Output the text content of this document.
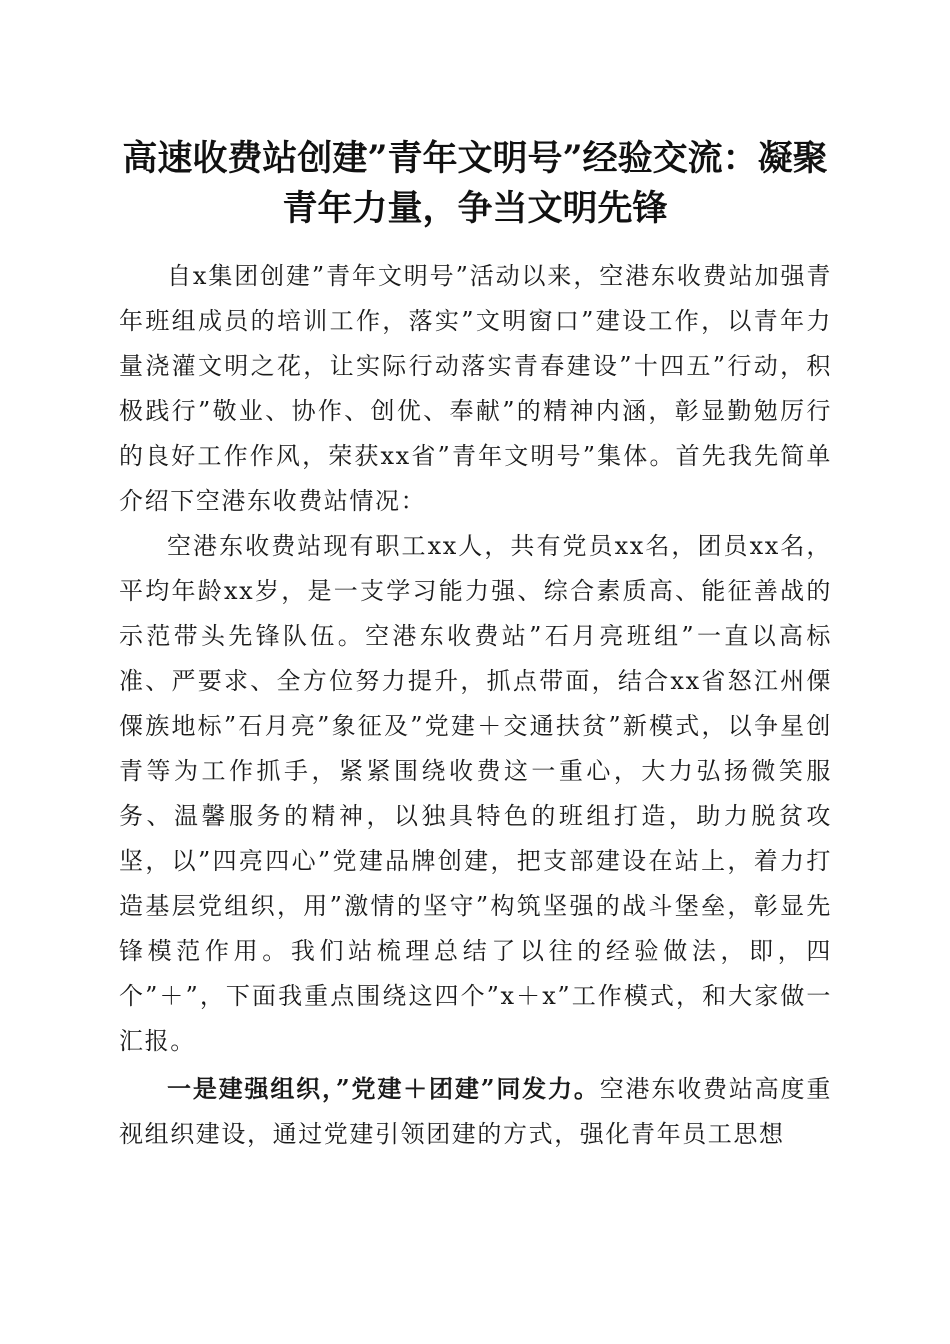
高速收费站创建”青年文明号”经验交流：凝聚青年力量，争当文明先锋

自x集团创建”青年文明号”活动以来，空港东收费站加强青年班组成员的培训工作，落实”文明窗口”建设工作，以青年力量浇灌文明之花，让实际行动落实青春建设”十四五”行动，积极践行”敬业、协作、创优、奉献”的精神内涵，彰显勤勉厉行的良好工作作风，荣获xx省”青年文明号”集体。首先我先简单介绍下空港东收费站情况：

空港东收费站现有职工xx人，共有党员xx名，团员xx名，平均年龄xx岁，是一支学习能力强、综合素质高、能征善战的示范带头先锋队伍。空港东收费站”石月亮班组”一直以高标准、严要求、全方位努力提升，抓点带面，结合xx省怒江州傈僳族地标”石月亮”象征及”党建＋交通扶贫”新模式，以争星创青等为工作抓手，紧紧围绕收费这一重心，大力弘扬微笑服务、温馨服务的精神，以独具特色的班组打造，助力脱贫攻坚，以”四亮四心”党建品牌创建，把支部建设在站上，着力打造基层党组织，用”激情的坚守”构筑坚强的战斗堡垒，彰显先锋模范作用。我们站梳理总结了以往的经验做法，即，四个”＋”，下面我重点围绕这四个”x＋x”工作模式，和大家做一汇报。

一是建强组织，”党建＋团建”同发力。空港东收费站高度重视组织建设，通过党建引领团建的方式，强化青年员工思想
